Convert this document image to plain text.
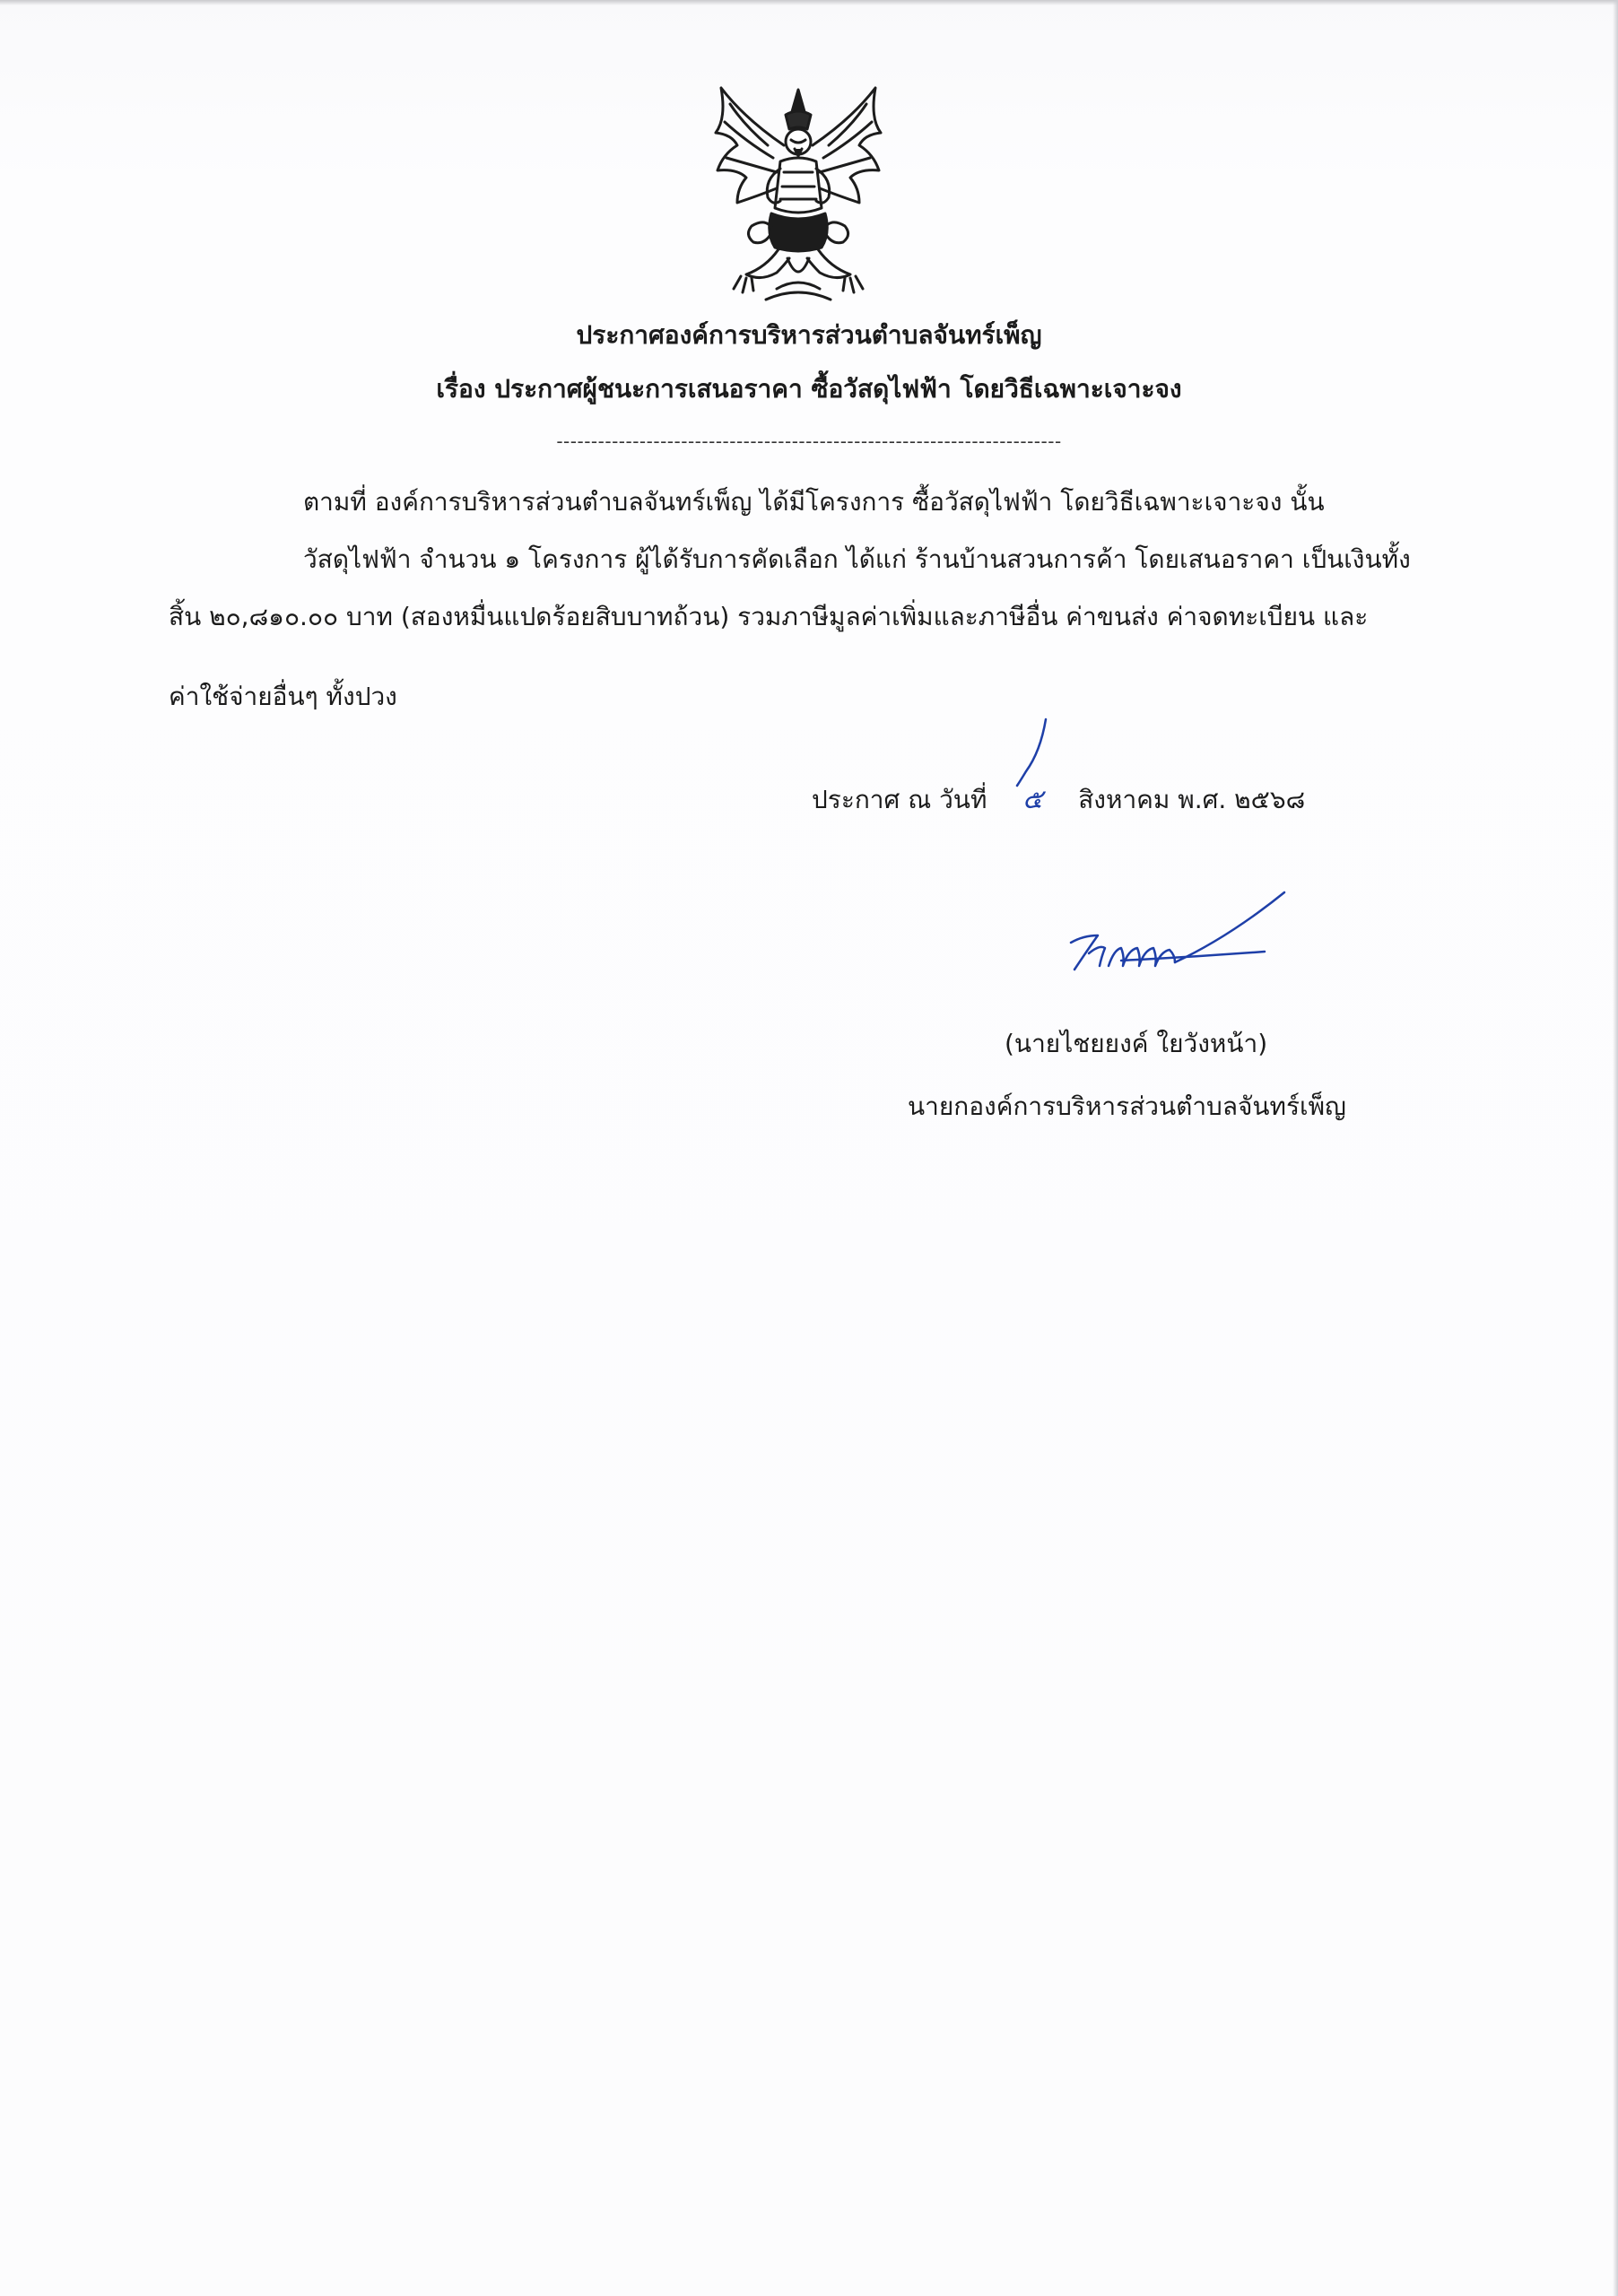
ประกาศองค์การบริหารส่วนตำบลจันทร์เพ็ญ
เรื่อง ประกาศผู้ชนะการเสนอราคา ซื้อวัสดุไฟฟ้า โดยวิธีเฉพาะเจาะจง
-------------------------------------------------------------------------
ตามที่ องค์การบริหารส่วนตำบลจันทร์เพ็ญ ได้มีโครงการ ซื้อวัสดุไฟฟ้า โดยวิธีเฉพาะเจาะจง นั้น
วัสดุไฟฟ้า จำนวน ๑ โครงการ ผู้ได้รับการคัดเลือก ได้แก่ ร้านบ้านสวนการค้า โดยเสนอราคา เป็นเงินทั้ง
สิ้น ๒๐,๘๑๐.๐๐ บาท (สองหมื่นแปดร้อยสิบบาทถ้วน) รวมภาษีมูลค่าเพิ่มและภาษีอื่น ค่าขนส่ง ค่าจดทะเบียน และ
ค่าใช้จ่ายอื่นๆ ทั้งปวง
ประกาศ ณ วันที่ ๕ สิงหาคม พ.ศ. ๒๕๖๘
(นายไชยยงค์ ใยวังหน้า)
นายกองค์การบริหารส่วนตำบลจันทร์เพ็ญ
